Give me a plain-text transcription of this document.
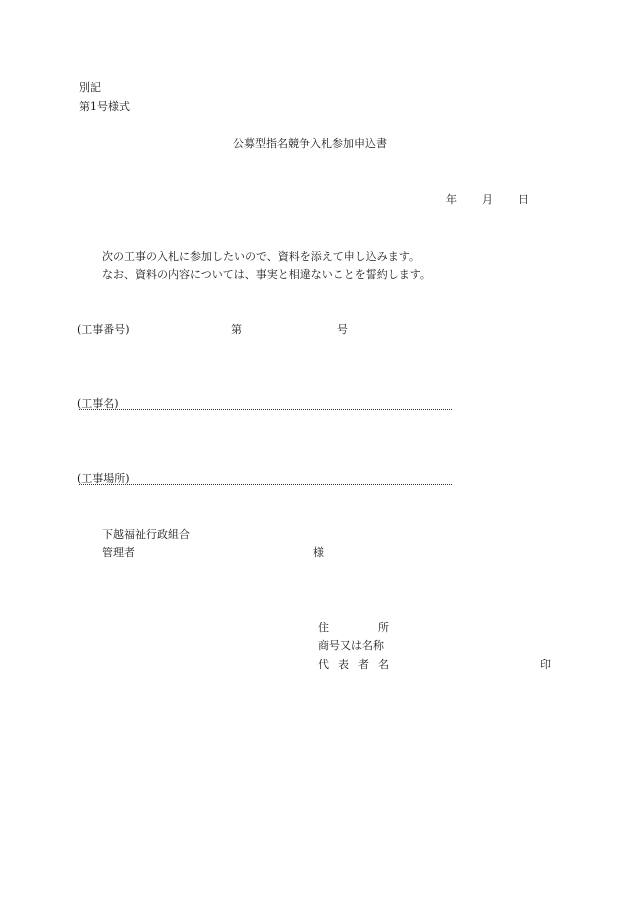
別記
第1号様式
公募型指名競争入札参加申込書
年 月 日
次の工事の入札に参加したいので、資料を添えて申し込みます。
なお、資料の内容については、事実と相違ないことを誓約します。
(工事番号)	第	号
(工事名)
(工事場所)
下越福祉行政組合
管理者	様
住	所
商号又は名称
代 表 者 名	印
